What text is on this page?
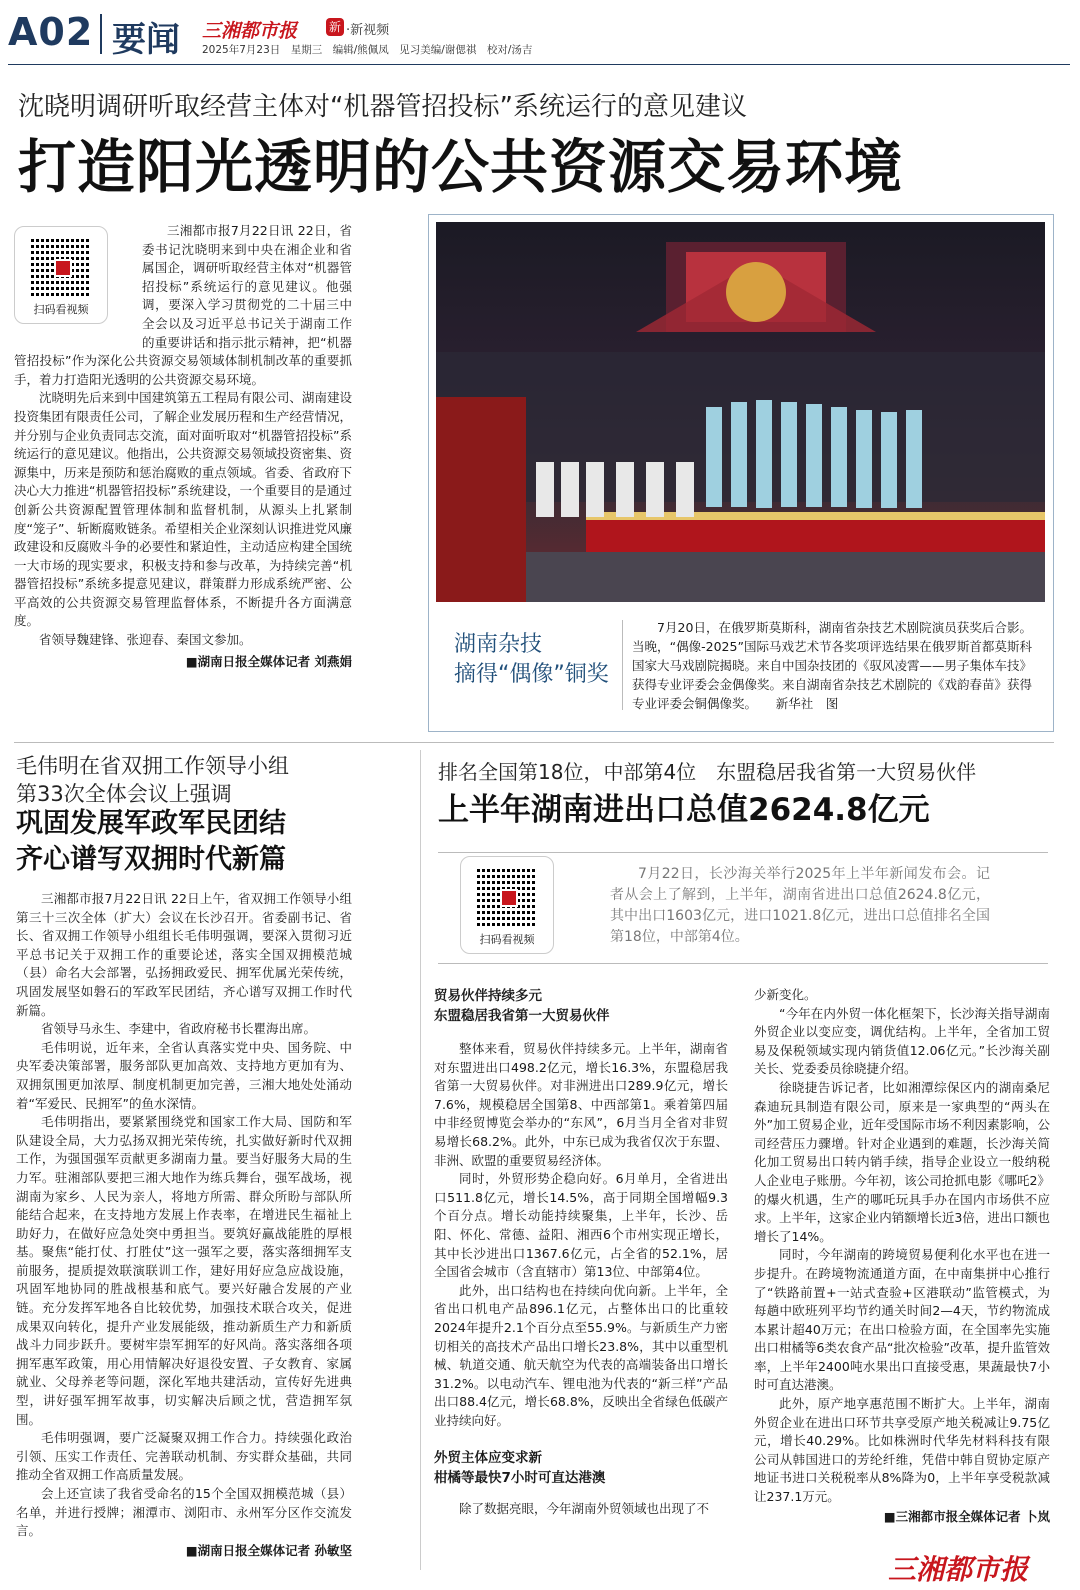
A02 要闻 三湘都市报	新 ·新视频
2025年7月23日　星期三　编辑/熊佩凤　见习美编/谢偲祺　校对/汤吉
沈晓明调研听取经营主体对“机器管招投标”系统运行的意见建议
打造阳光透明的公共资源交易环境
扫码看视频

三湘都市报7月22日讯 22日，省委书记沈晓明来到中央在湘企业和省属国企，调研听取经营主体对“机器管招投标”系统运行的意见建议。他强调，要深入学习贯彻党的二十届三中全会以及习近平总书记关于湖南工作的重要讲话和指示批示精神，把“机器管招投标”作为深化公共资源交易领域体制机制改革的重要抓手，着力打造阳光透明的公共资源交易环境。

沈晓明先后来到中国建筑第五工程局有限公司、湖南建设投资集团有限责任公司，了解企业发展历程和生产经营情况，并分别与企业负责同志交流，面对面听取对“机器管招投标”系统运行的意见建议。他指出，公共资源交易领域投资密集、资源集中，历来是预防和惩治腐败的重点领域。省委、省政府下决心大力推进“机器管招投标”系统建设，一个重要目的是通过创新公共资源配置管理体制和监督机制，从源头上扎紧制度“笼子”、斩断腐败链条。希望相关企业深刻认识推进党风廉政建设和反腐败斗争的必要性和紧迫性，主动适应构建全国统一大市场的现实要求，积极支持和参与改革，为持续完善“机器管招投标”系统多提意见建议，群策群力形成系统严密、公平高效的公共资源交易管理监督体系，不断提升各方面满意度。

省领导魏建锋、张迎春、秦国文参加。

■湖南日报全媒体记者 刘燕娟
湖南杂技
摘得“偶像”铜奖
7月20日，在俄罗斯莫斯科，湖南省杂技艺术剧院演员获奖后合影。当晚，“偶像-2025”国际马戏艺术节各奖项评选结果在俄罗斯首都莫斯科国家大马戏剧院揭晓。来自中国杂技团的《驭风凌霄——男子集体车技》获得专业评委会金偶像奖。来自湖南省杂技艺术剧院的《戏韵春苗》获得专业评委会铜偶像奖。　　新华社　图
毛伟明在省双拥工作领导小组
第33次全体会议上强调
巩固发展军政军民团结
齐心谱写双拥时代新篇

三湘都市报7月22日讯 22日上午，省双拥工作领导小组第三十三次全体（扩大）会议在长沙召开。省委副书记、省长、省双拥工作领导小组组长毛伟明强调，要深入贯彻习近平总书记关于双拥工作的重要论述，落实全国双拥模范城（县）命名大会部署，弘扬拥政爱民、拥军优属光荣传统，巩固发展坚如磐石的军政军民团结，齐心谱写双拥工作时代新篇。

省领导马永生、李建中，省政府秘书长瞿海出席。

毛伟明说，近年来，全省认真落实党中央、国务院、中央军委决策部署，服务部队更加高效、支持地方更加有为、双拥氛围更加浓厚、制度机制更加完善，三湘大地处处涌动着“军爱民、民拥军”的鱼水深情。

毛伟明指出，要紧紧围绕党和国家工作大局、国防和军队建设全局，大力弘扬双拥光荣传统，扎实做好新时代双拥工作，为强国强军贡献更多湖南力量。要当好服务大局的生力军。驻湘部队要把三湘大地作为练兵舞台，强军战场，视湖南为家乡、人民为亲人，将地方所需、群众所盼与部队所能结合起来，在支持地方发展上作表率，在增进民生福祉上助好力，在做好应急处突中勇担当。要筑好赢战能胜的厚根基。聚焦“能打仗、打胜仗”这一强军之要，落实落细拥军支前服务，提质提效联演联训工作，建好用好应急应战设施，巩固军地协同的胜战根基和底气。要兴好融合发展的产业链。充分发挥军地各自比较优势，加强技术联合攻关，促进成果双向转化，提升产业发展能级，推动新质生产力和新质战斗力同步跃升。要树牢崇军拥军的好风尚。落实落细各项拥军惠军政策，用心用情解决好退役安置、子女教育、家属就业、父母养老等问题，深化军地共建活动，宣传好先进典型，讲好强军拥军故事，切实解决后顾之忧，营造拥军氛围。

毛伟明强调，要广泛凝聚双拥工作合力。持续强化政治引领、压实工作责任、完善联动机制、夯实群众基础，共同推动全省双拥工作高质量发展。

会上还宣读了我省受命名的15个全国双拥模范城（县）名单，并进行授牌；湘潭市、浏阳市、永州军分区作交流发言。

■湖南日报全媒体记者 孙敏坚
排名全国第18位，中部第4位　东盟稳居我省第一大贸易伙伴
上半年湖南进出口总值2624.8亿元
扫码看视频
7月22日，长沙海关举行2025年上半年新闻发布会。记者从会上了解到，上半年，湖南省进出口总值2624.8亿元，其中出口1603亿元，进口1021.8亿元，进出口总值排名全国第18位，中部第4位。
贸易伙伴持续多元
东盟稳居我省第一大贸易伙伴

整体来看，贸易伙伴持续多元。上半年，湖南省对东盟进出口498.2亿元，增长16.3%，东盟稳居我省第一大贸易伙伴。对非洲进出口289.9亿元，增长7.6%，规模稳居全国第8、中西部第1。乘着第四届中非经贸博览会举办的“东风”，6月当月全省对非贸易增长68.2%。此外，中东已成为我省仅次于东盟、非洲、欧盟的重要贸易经济体。

同时，外贸形势企稳向好。6月单月，全省进出口511.8亿元，增长14.5%，高于同期全国增幅9.3个百分点。增长动能持续聚集，上半年，长沙、岳阳、怀化、常德、益阳、湘西6个市州实现正增长，其中长沙进出口1367.6亿元，占全省的52.1%，居全国省会城市（含直辖市）第13位、中部第4位。

此外，出口结构也在持续向优向新。上半年，全省出口机电产品896.1亿元，占整体出口的比重较2024年提升2.1个百分点至55.9%。与新质生产力密切相关的高技术产品出口增长23.8%，其中以重型机械、轨道交通、航天航空为代表的高端装备出口增长31.2%。以电动汽车、锂电池为代表的“新三样”产品出口88.4亿元，增长68.8%，反映出全省绿色低碳产业持续向好。

外贸主体应变求新
柑橘等最快7小时可直达港澳

除了数据亮眼，今年湖南外贸领域也出现了不

少新变化。

“今年在内外贸一体化框架下，长沙海关指导湖南外贸企业以变应变，调优结构。上半年，全省加工贸易及保税领域实现内销货值12.06亿元。”长沙海关副关长、党委委员徐晓捷介绍。

徐晓捷告诉记者，比如湘潭综保区内的湖南桑尼森迪玩具制造有限公司，原来是一家典型的“两头在外”加工贸易企业，近年受国际市场不利因素影响，公司经营压力骤增。针对企业遇到的难题，长沙海关简化加工贸易出口转内销手续，指导企业设立一般纳税人企业电子账册。今年初，该公司抢抓电影《哪吒2》的爆火机遇，生产的哪吒玩具手办在国内市场供不应求。上半年，这家企业内销额增长近3倍，进出口额也增长了14%。

同时，今年湖南的跨境贸易便利化水平也在进一步提升。在跨境物流通道方面，在中南集拼中心推行了“铁路前置+一站式查验+区港联动”监管模式，为每趟中欧班列平均节约通关时间2—4天，节约物流成本累计超40万元；在出口检验方面，在全国率先实施出口柑橘等6类农食产品“批次检验”改革，提升监管效率，上半年2400吨水果出口直接受惠，果蔬最快7小时可直达港澳。

此外，原产地享惠范围不断扩大。上半年，湖南外贸企业在进出口环节共享受原产地关税减让9.75亿元，增长40.29%。比如株洲时代华先材料科技有限公司从韩国进口的芳纶纤维，凭借中韩自贸协定原产地证书进口关税税率从8%降为0，上半年享受税款减让237.1万元。

■三湘都市报全媒体记者 卜岚
三湘都市报
